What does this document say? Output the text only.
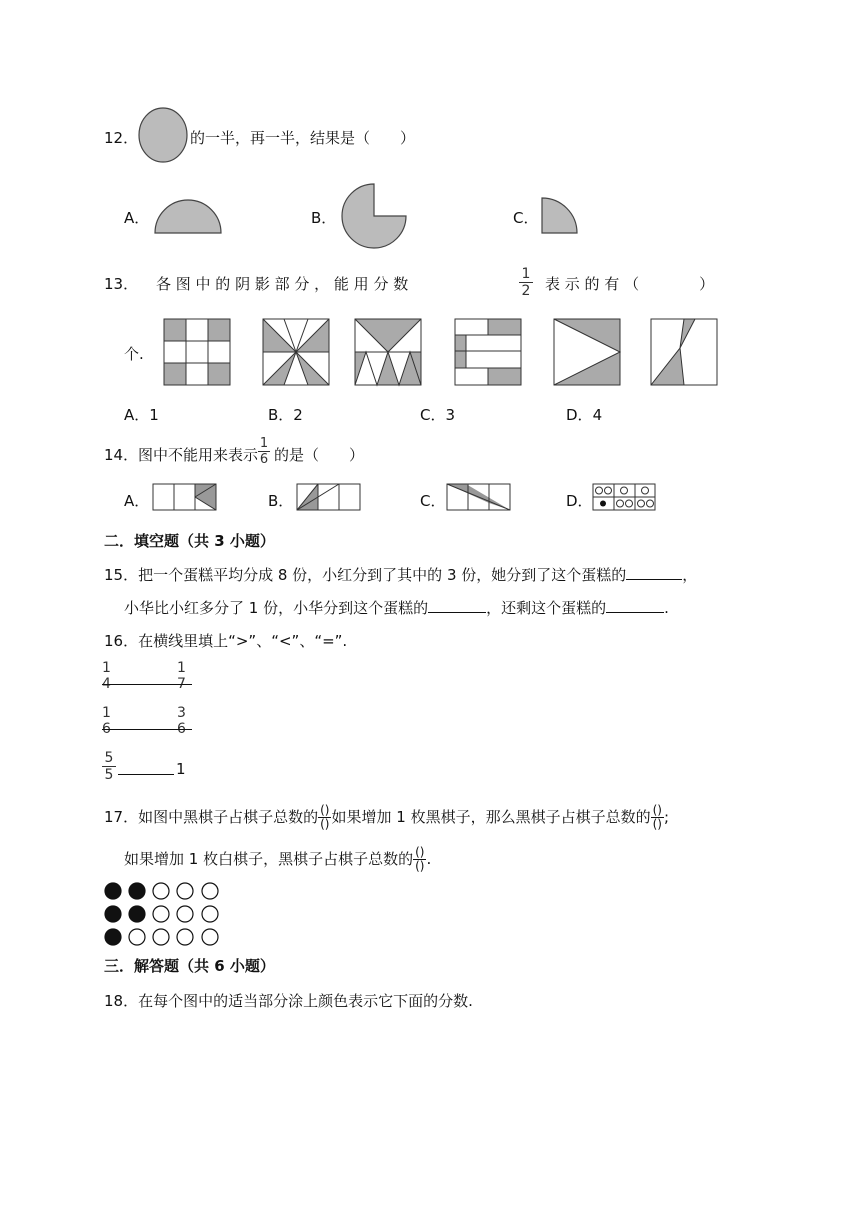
12．	的一半，再一半，结果是（　　）
A．	B．	C．
13． 各 图 中 的 阴 影 部 分 ， 能 用 分 数
1
2 表 示 的 有 （　　　　）
个.
A．1	B．2	C．3	D．4
14． 图中不能用来表示
1
6 的是（　　）
A．	B．	C．	D．
二．填空题（共 3 小题）
15．把一个蛋糕平均分成 8 份，小红分到了其中的 3 份，她分到了这个蛋糕的	，
小华比小红多分了 1 份，小华分到这个蛋糕的	，还剩这个蛋糕的	.
16．在横线里填上“>”、“<”、“=”.
1
4
1
7
1
6
3
6
5
5	1
17．如图中黑棋子占棋子总数的 $\frac{()}{()}$ 如果增加 1 枚黑棋子，那么黑棋子占棋子总数的 $\frac{()}{()}$ ;
如果增加 1 枚白棋子，黑棋子占棋子总数的 $\frac{()}{()}$ .
三．解答题（共 6 小题）
18．在每个图中的适当部分涂上颜色表示它下面的分数.
